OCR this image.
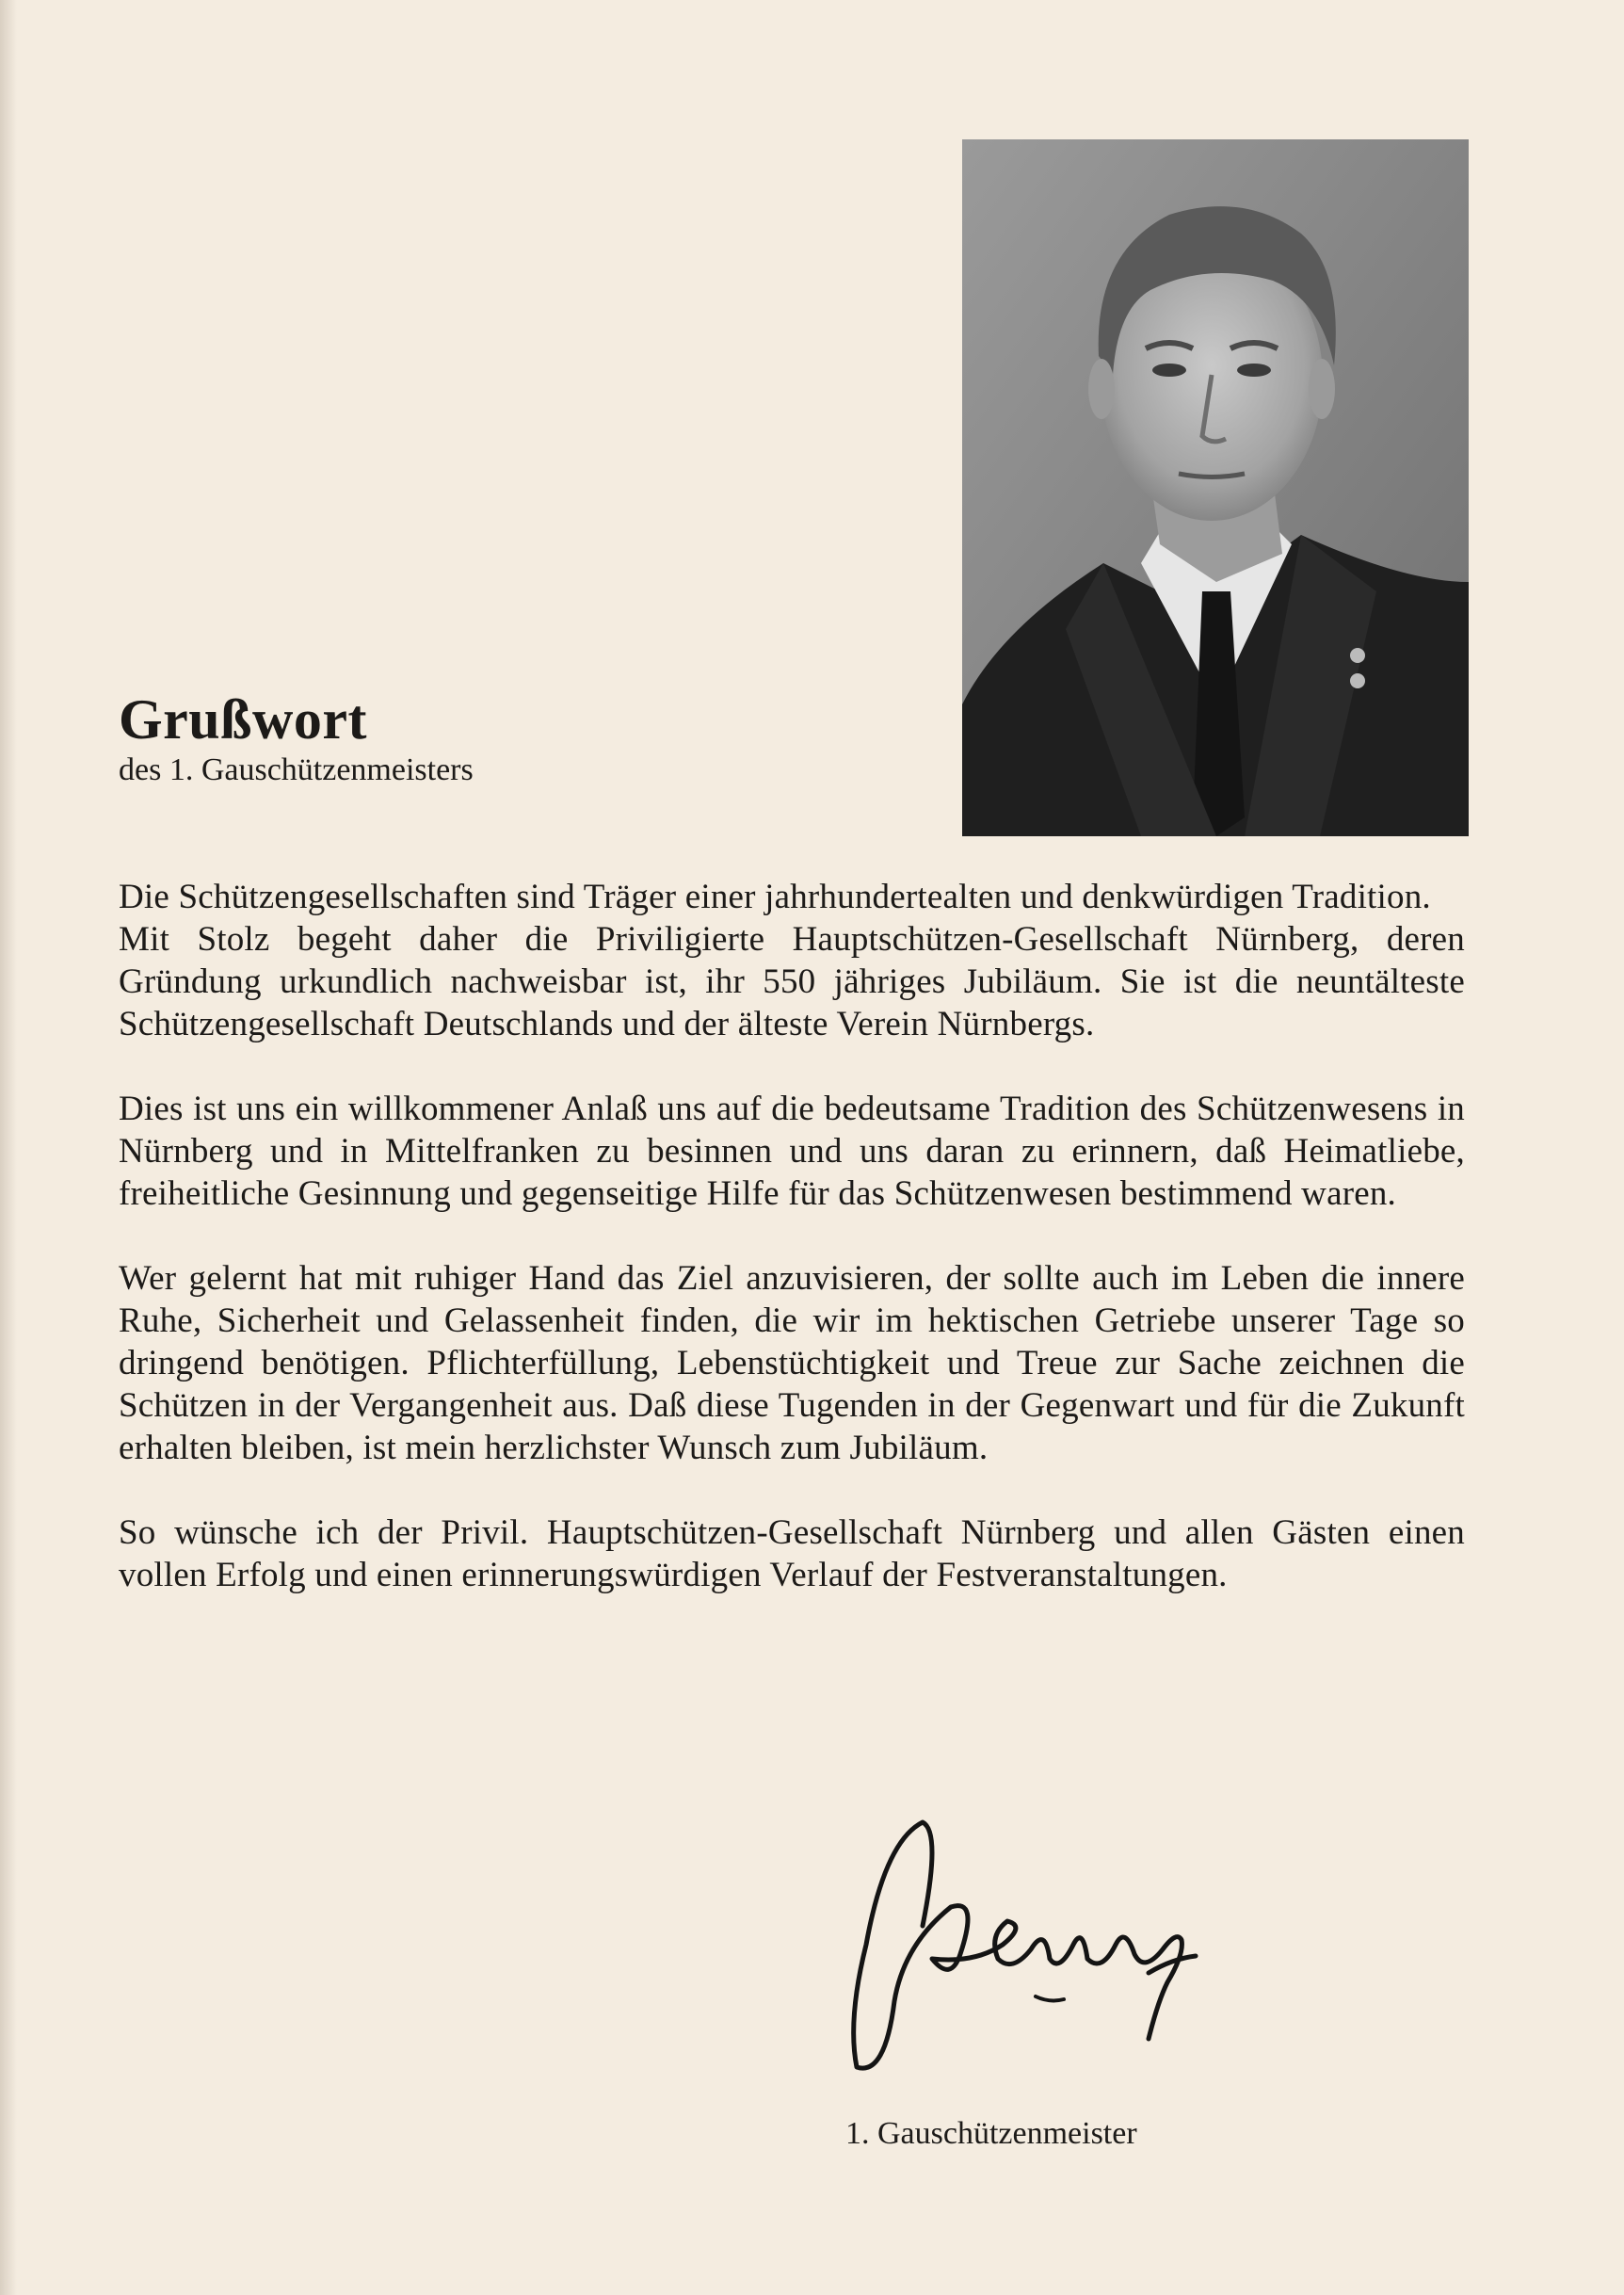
Grußwort

des 1. Gauschützenmeisters

Die Schützengesellschaften sind Träger einer jahrhundertealten und denkwürdigen Tradition.

Mit Stolz begeht daher die Priviligierte Hauptschützen-Gesellschaft Nürnberg, deren Gründung urkundlich nachweisbar ist, ihr 550 jähriges Jubiläum. Sie ist die neuntälteste Schützengesellschaft Deutschlands und der älteste Verein Nürnbergs.

Dies ist uns ein willkommener Anlaß uns auf die bedeutsame Tradition des Schützenwesens in Nürnberg und in Mittelfranken zu besinnen und uns daran zu erinnern, daß Heimatliebe, freiheitliche Gesinnung und gegenseitige Hilfe für das Schützenwesen bestimmend waren.

Wer gelernt hat mit ruhiger Hand das Ziel anzuvisieren, der sollte auch im Leben die innere Ruhe, Sicherheit und Gelassenheit finden, die wir im hektischen Getriebe unserer Tage so dringend benötigen. Pflichterfüllung, Lebenstüchtigkeit und Treue zur Sache zeichnen die Schützen in der Vergangenheit aus. Daß diese Tugenden in der Gegenwart und für die Zukunft erhalten bleiben, ist mein herzlichster Wunsch zum Jubiläum.

So wünsche ich der Privil. Hauptschützen-Gesellschaft Nürnberg und allen Gästen einen vollen Erfolg und einen erinnerungswürdigen Verlauf der Festveranstaltungen.

1. Gauschützenmeister
